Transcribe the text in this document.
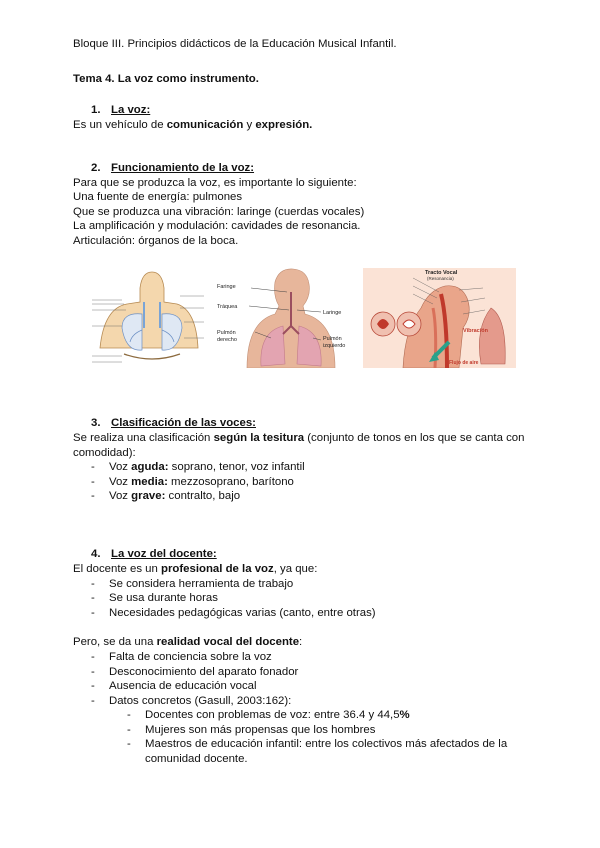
Bloque III. Principios didácticos de la Educación Musical Infantil.

Tema 4. La voz como instrumento.

1. La voz:

Es un vehículo de comunicación y expresión.

2. Funcionamiento de la voz:

Para que se produzca la voz, es importante lo siguiente:

Una fuente de energía: pulmones

Que se produzca una vibración: laringe (cuerdas vocales)

La amplificación y modulación: cavidades de resonancia.

Articulación: órganos de la boca.

Faringe
Tráquea
Pulmón
derecho
Laringe
Pulmón
izquierdo
Tracto Vocal
(Resonancia)
Vibración
Flujo de aire

3. Clasificación de las voces:

Se realiza una clasificación según la tesitura (conjunto de tonos en los que se canta con

comodidad):

- Voz aguda: soprano, tenor, voz infantil
- Voz media: mezzosoprano, barítono
- Voz grave: contralto, bajo

4. La voz del docente:

El docente es un profesional de la voz, ya que:

- Se considera herramienta de trabajo
- Se usa durante horas
- Necesidades pedagógicas varias (canto, entre otras)

Pero, se da una realidad vocal del docente:

- Falta de conciencia sobre la voz
- Desconocimiento del aparato fonador
- Ausencia de educación vocal
- Datos concretos (Gasull, 2003:162):
- Docentes con problemas de voz: entre 36.4 y 44,5%
- Mujeres son más propensas que los hombres
- Maestros de educación infantil: entre los colectivos más afectados de la
comunidad docente.
